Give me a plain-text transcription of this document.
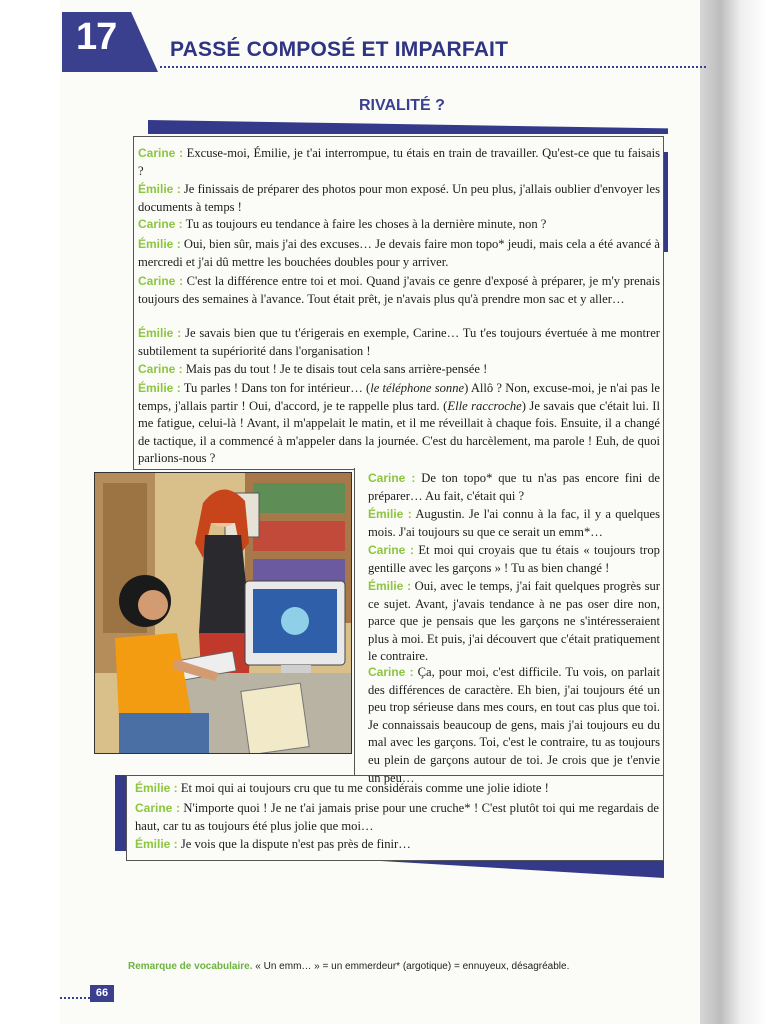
17	PASSÉ COMPOSÉ ET IMPARFAIT
RIVALITÉ ?
Carine : Excuse-moi, Émilie, je t'ai interrompue, tu étais en train de travailler. Qu'est-ce que tu faisais ?
Émilie : Je finissais de préparer des photos pour mon exposé. Un peu plus, j'allais oublier d'envoyer les documents à temps !
Carine : Tu as toujours eu tendance à faire les choses à la dernière minute, non ?
Émilie : Oui, bien sûr, mais j'ai des excuses… Je devais faire mon topo* jeudi, mais cela a été avancé à mercredi et j'ai dû mettre les bouchées doubles pour y arriver.
Carine : C'est la différence entre toi et moi. Quand j'avais ce genre d'exposé à préparer, je m'y prenais toujours des semaines à l'avance. Tout était prêt, je n'avais plus qu'à prendre mon sac et y aller…
Émilie : Je savais bien que tu t'érigerais en exemple, Carine… Tu t'es toujours évertuée à me montrer subtilement ta supériorité dans l'organisation !
Carine : Mais pas du tout ! Je te disais tout cela sans arrière-pensée !
Émilie : Tu parles ! Dans ton for intérieur… (le téléphone sonne) Allô ? Non, excuse-moi, je n'ai pas le temps, j'allais partir ! Oui, d'accord, je te rappelle plus tard. (Elle raccroche) Je savais que c'était lui. Il me fatigue, celui-là ! Avant, il m'appelait le matin, et il me réveillait à chaque fois. Ensuite, il a changé de tactique, il a commencé à m'appeler dans la journée. C'est du harcèlement, ma parole ! Euh, de quoi parlions-nous ?
Carine : De ton topo* que tu n'as pas encore fini de préparer… Au fait, c'était qui ?
Émilie : Augustin. Je l'ai connu à la fac, il y a quelques mois. J'ai toujours su que ce serait un emm*…
Carine : Et moi qui croyais que tu étais « toujours trop gentille avec les garçons » ! Tu as bien changé !
Émilie : Oui, avec le temps, j'ai fait quelques progrès sur ce sujet. Avant, j'avais tendance à ne pas oser dire non, parce que je pensais que les garçons ne s'intéresseraient plus à moi. Et puis, j'ai découvert que c'était pratiquement le contraire.
Carine : Ça, pour moi, c'est difficile. Tu vois, on parlait des différences de caractère. Eh bien, j'ai toujours été un peu trop sérieuse dans mes cours, en tout cas plus que toi. Je connaissais beaucoup de gens, mais j'ai toujours eu du mal avec les garçons. Toi, c'est le contraire, tu as toujours eu plein de garçons autour de toi. Je crois que je t'envie un peu…
Émilie : Et moi qui ai toujours cru que tu me considérais comme une jolie idiote !
Carine : N'importe quoi ! Je ne t'ai jamais prise pour une cruche* ! C'est plutôt toi qui me regardais de haut, car tu as toujours été plus jolie que moi…
Émilie : Je vois que la dispute n'est pas près de finir…
Remarque de vocabulaire. « Un emm… » = un emmerdeur* (argotique) = ennuyeux, désagréable.
66
